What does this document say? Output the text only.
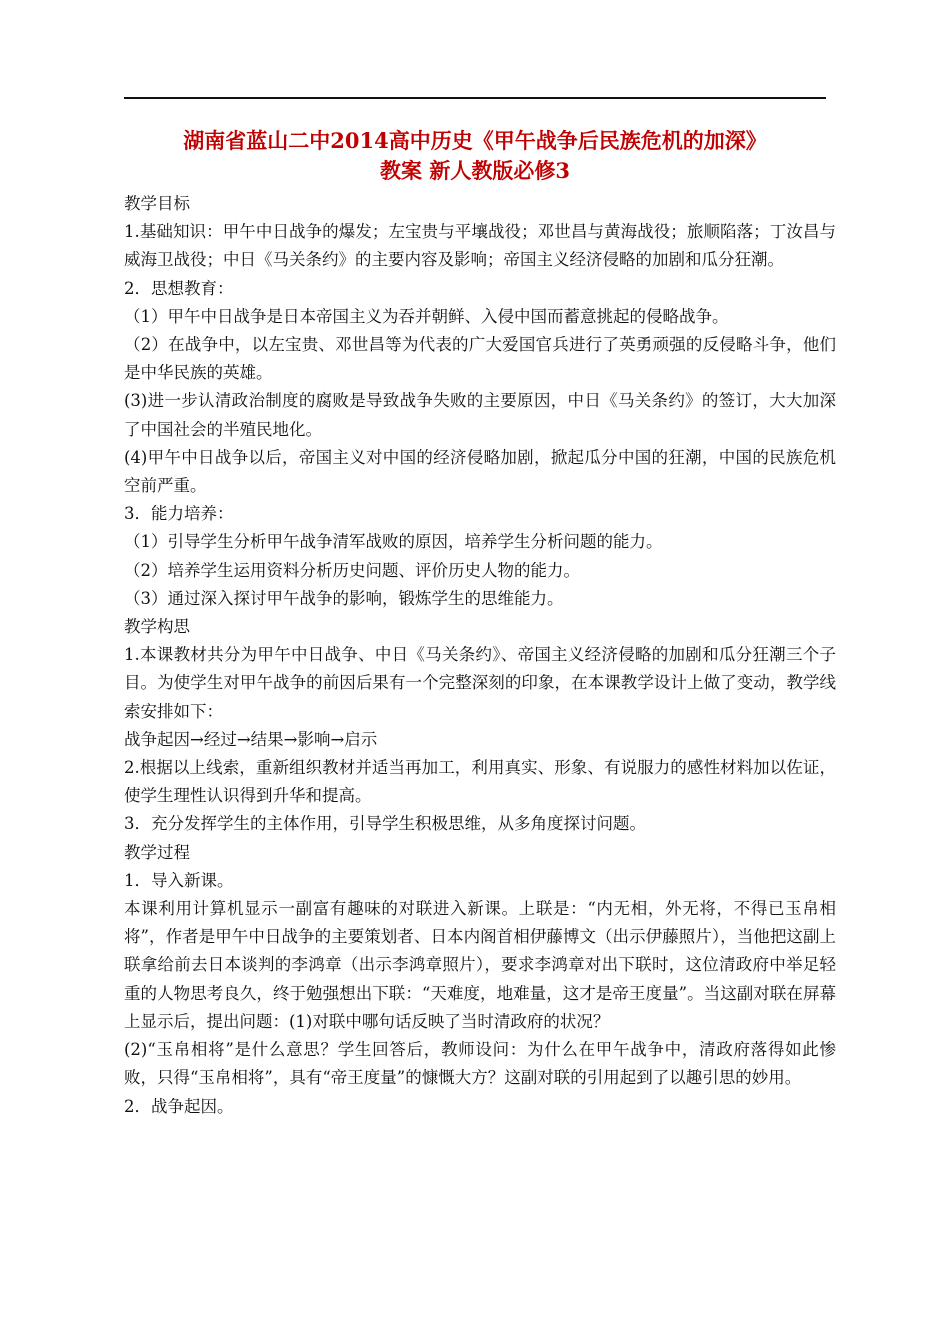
湖南省蓝山二中2014高中历史《甲午战争后民族危机的加深》
教案 新人教版必修3

教学目标

1.基础知识：甲午中日战争的爆发；左宝贵与平壤战役；邓世昌与黄海战役；旅顺陷落；丁汝昌与威海卫战役；中日《马关条约》的主要内容及影响；帝国主义经济侵略的加剧和瓜分狂潮。

2．思想教育：

（1）甲午中日战争是日本帝国主义为吞并朝鲜、入侵中国而蓄意挑起的侵略战争。

（2）在战争中，以左宝贵、邓世昌等为代表的广大爱国官兵进行了英勇顽强的反侵略斗争，他们是中华民族的英雄。

(3)进一步认清政治制度的腐败是导致战争失败的主要原因，中日《马关条约》的签订，大大加深了中国社会的半殖民地化。

(4)甲午中日战争以后，帝国主义对中国的经济侵略加剧，掀起瓜分中国的狂潮，中国的民族危机空前严重。

3．能力培养：

（1）引导学生分析甲午战争清军战败的原因，培养学生分析问题的能力。

（2）培养学生运用资料分析历史问题、评价历史人物的能力。

（3）通过深入探讨甲午战争的影响，锻炼学生的思维能力。

教学构思

1.本课教材共分为甲午中日战争、中日《马关条约》、帝国主义经济侵略的加剧和瓜分狂潮三个子目。为使学生对甲午战争的前因后果有一个完整深刻的印象，在本课教学设计上做了变动，教学线索安排如下：

战争起因→经过→结果→影响→启示

2.根据以上线索，重新组织教材并适当再加工，利用真实、形象、有说服力的感性材料加以佐证，使学生理性认识得到升华和提高。

3．充分发挥学生的主体作用，引导学生积极思维，从多角度探讨问题。

教学过程

1．导入新课。

本课利用计算机显示一副富有趣味的对联进入新课。上联是：“内无相，外无将，不得已玉帛相将”，作者是甲午中日战争的主要策划者、日本内阁首相伊藤博文（出示伊藤照片），当他把这副上联拿给前去日本谈判的李鸿章（出示李鸿章照片），要求李鸿章对出下联时，这位清政府中举足轻重的人物思考良久，终于勉强想出下联：“天难度，地难量，这才是帝王度量”。当这副对联在屏幕上显示后，提出问题：(1)对联中哪句话反映了当时清政府的状况？

(2)“玉帛相将”是什么意思？学生回答后，教师设问：为什么在甲午战争中，清政府落得如此惨败，只得“玉帛相将”，具有“帝王度量”的慷慨大方？这副对联的引用起到了以趣引思的妙用。

2．战争起因。
